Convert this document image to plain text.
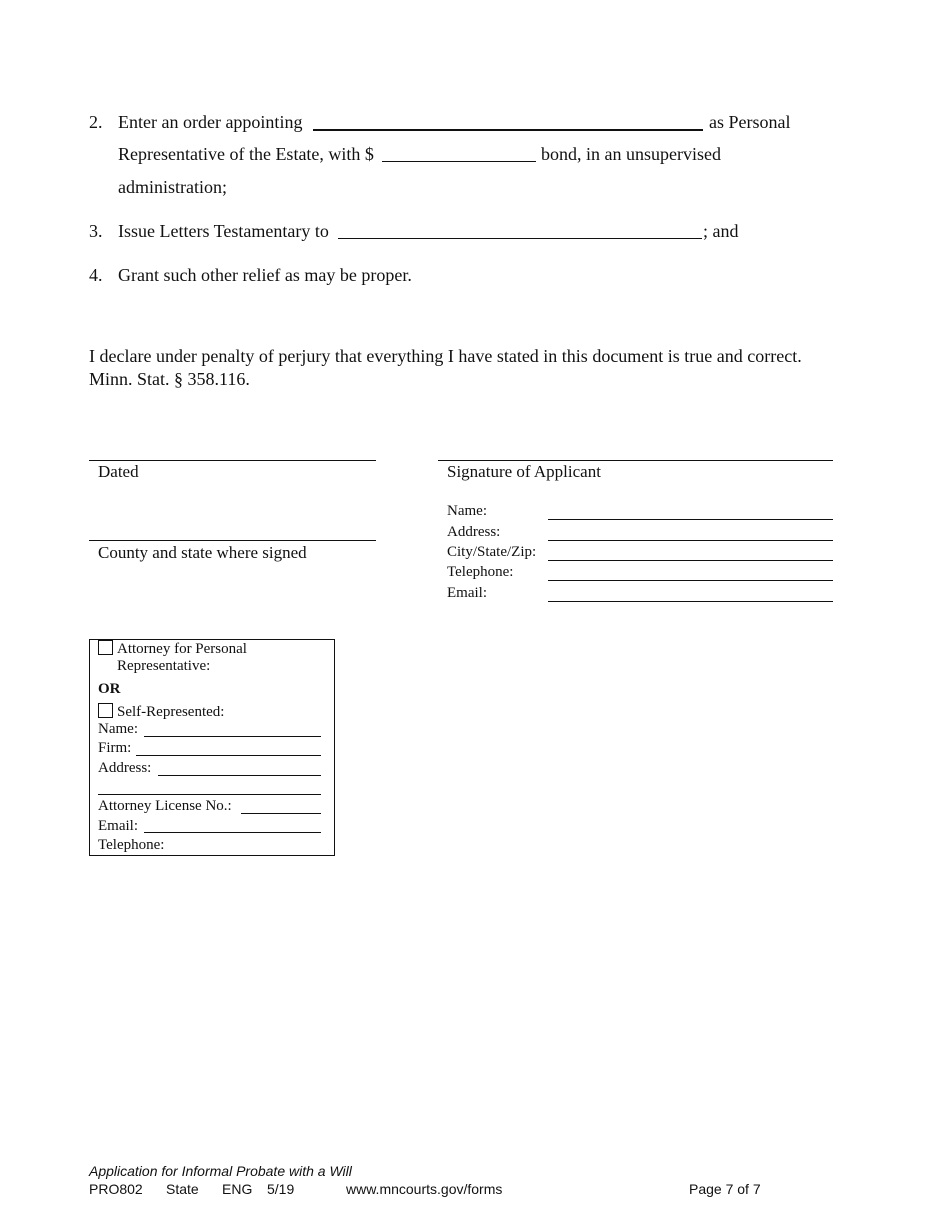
2. Enter an order appointing	as Personal
Representative of the Estate, with $	bond, in an unsupervised
administration;
3. Issue Letters Testamentary to	; and
4. Grant such other relief as may be proper.
I declare under penalty of perjury that everything I have stated in this document is true and correct.
Minn. Stat. § 358.116.
Dated
County and state where signed
Signature of Applicant
Name:
Address:
City/State/Zip:
Telephone:
Email:
Attorney for Personal
Representative:
OR
Self-Represented:
Name:
Firm:
Address:
Attorney License No.:
Email:
Telephone:
Application for Informal Probate with a Will
PRO802 State ENG 5/19	www.mncourts.gov/forms	Page 7 of 7
